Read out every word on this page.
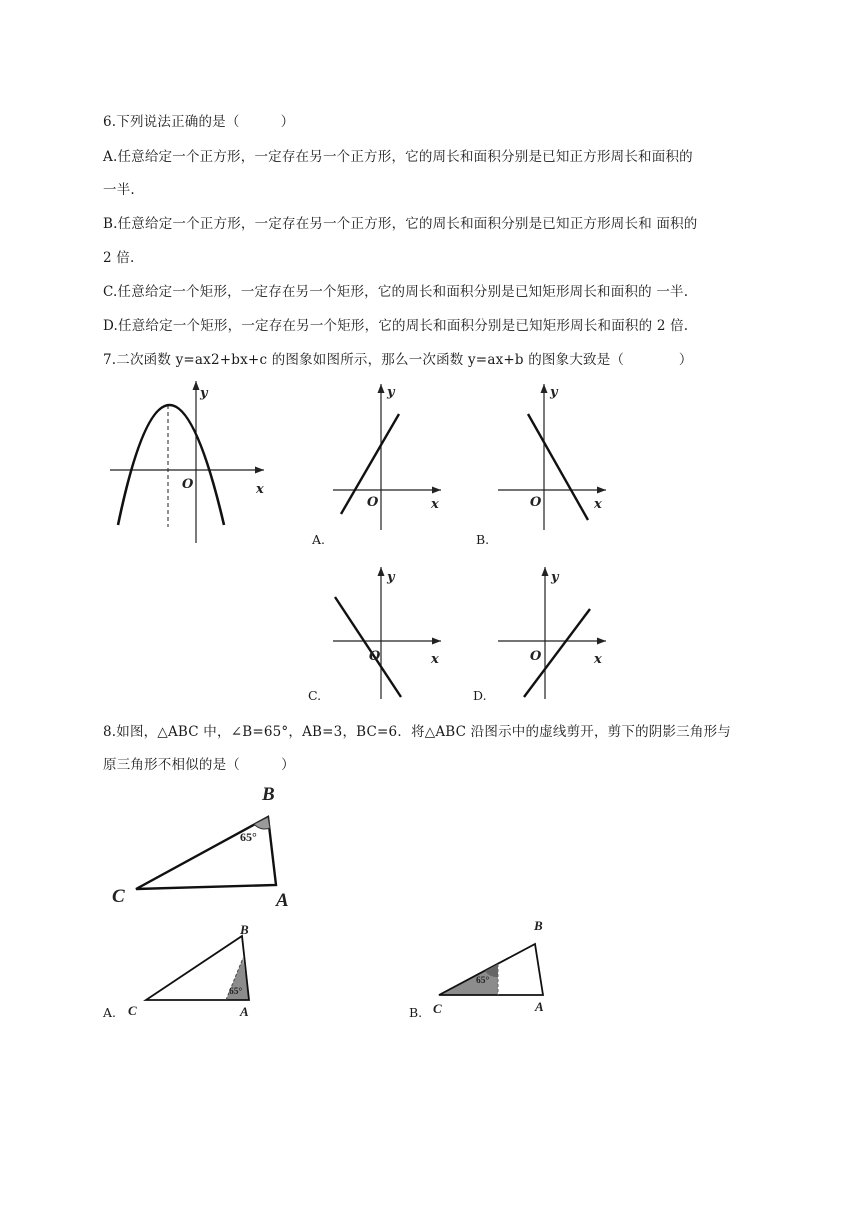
6.下列说法正确的是（　　　）
A.任意给定一个正方形，一定存在另一个正方形，它的周长和面积分别是已知正方形周长和面积的
一半.
B.任意给定一个正方形，一定存在另一个正方形，它的周长和面积分别是已知正方形周长和 面积的
2 倍.
C.任意给定一个矩形，一定存在另一个矩形，它的周长和面积分别是已知矩形周长和面积的 一半.
D.任意给定一个矩形，一定存在另一个矩形，它的周长和面积分别是已知矩形周长和面积的 2 倍.
7.二次函数 y=ax2+bx+c 的图象如图所示，那么一次函数 y=ax+b 的图象大致是（　　　　）
y
x
O
y
x
O
A.
y
x
O
B.
y
x
O
C.
y
x
O
D.
8.如图，△ABC 中，∠B=65°，AB=3，BC=6．将△ABC 沿图示中的虚线剪开，剪下的阴影三角形与
原三角形不相似的是（　　　）
B
C	A
65°
B
C	A
65°
A.
B
C	A
65°
B.
